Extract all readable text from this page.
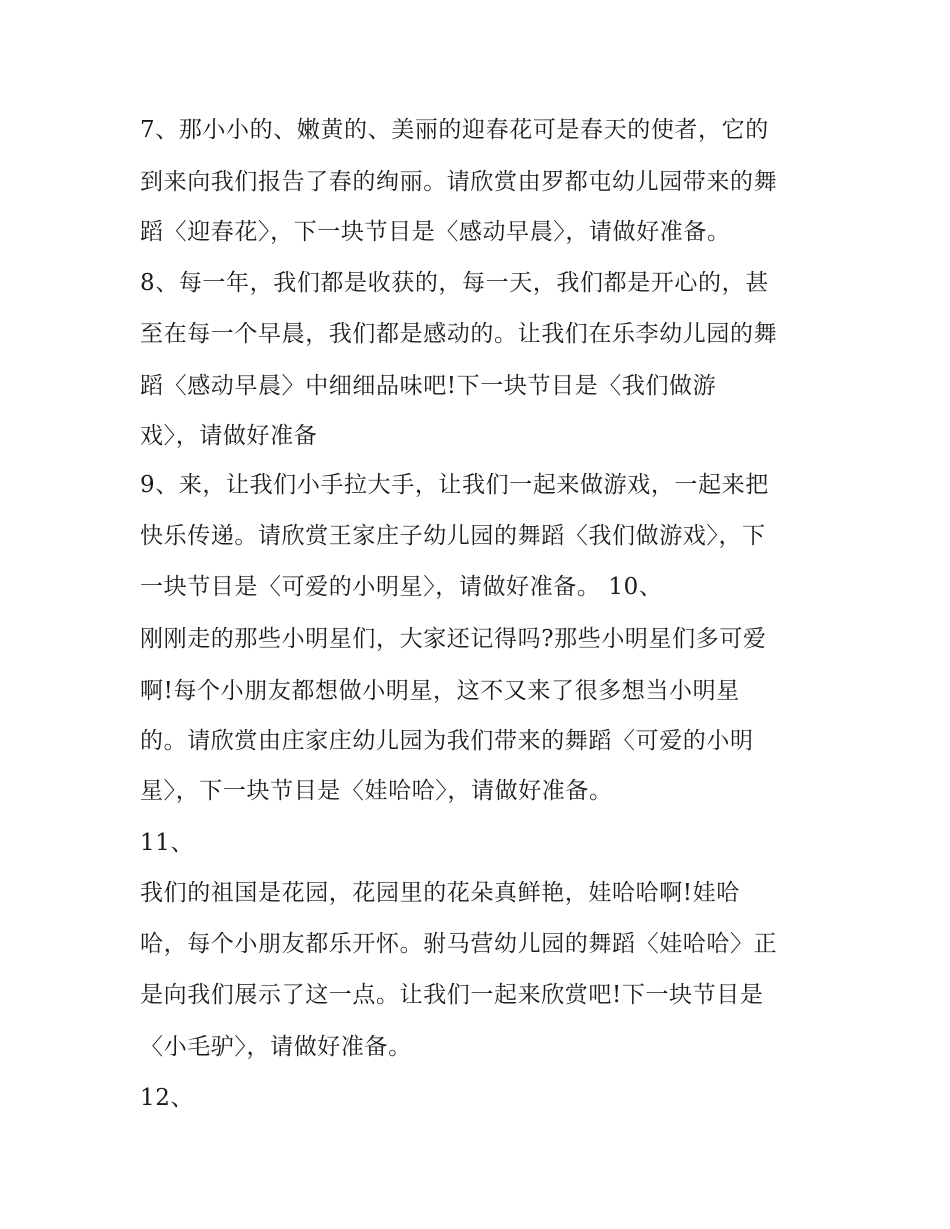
7、那小小的、嫩黄的、美丽的迎春花可是春天的使者，它的
到来向我们报告了春的绚丽。请欣赏由罗都屯幼儿园带来的舞
蹈〈迎春花〉，下一块节目是〈感动早晨〉，请做好准备。
8、每一年，我们都是收获的，每一天，我们都是开心的，甚
至在每一个早晨，我们都是感动的。让我们在乐李幼儿园的舞
蹈〈感动早晨〉中细细品味吧!下一块节目是〈我们做游
戏〉，请做好准备
9、来，让我们小手拉大手，让我们一起来做游戏，一起来把
快乐传递。请欣赏王家庄子幼儿园的舞蹈〈我们做游戏〉，下
一块节目是〈可爱的小明星〉，请做好准备。 10、
刚刚走的那些小明星们，大家还记得吗?那些小明星们多可爱
啊!每个小朋友都想做小明星，这不又来了很多想当小明星
的。请欣赏由庄家庄幼儿园为我们带来的舞蹈〈可爱的小明
星〉，下一块节目是〈娃哈哈〉，请做好准备。
11、
我们的祖国是花园，花园里的花朵真鲜艳，娃哈哈啊!娃哈
哈，每个小朋友都乐开怀。驸马营幼儿园的舞蹈〈娃哈哈〉正
是向我们展示了这一点。让我们一起来欣赏吧!下一块节目是
〈小毛驴〉，请做好准备。
12、
